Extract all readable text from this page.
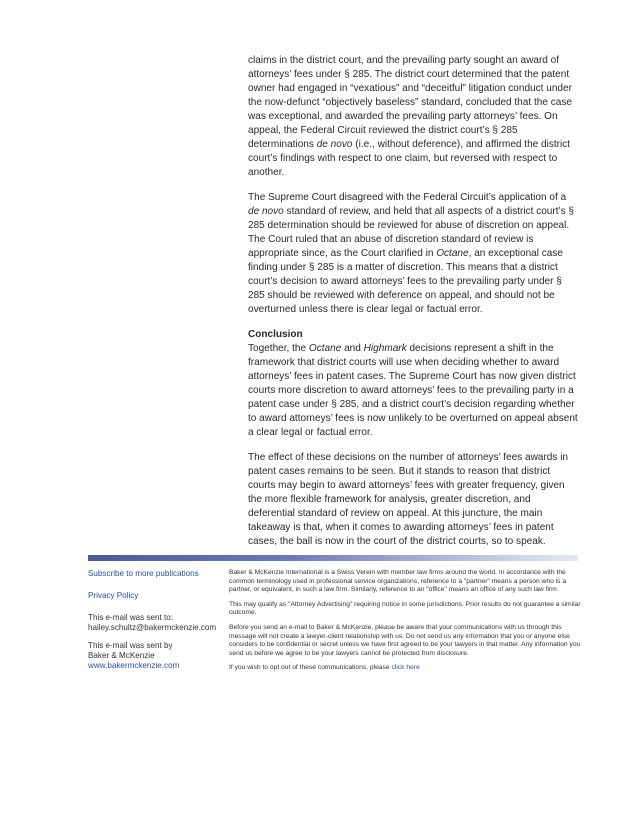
claims in the district court, and the prevailing party sought an award of attorneys’ fees under § 285. The district court determined that the patent owner had engaged in “vexatious” and “deceitful” litigation conduct under the now-defunct “objectively baseless” standard, concluded that the case was exceptional, and awarded the prevailing party attorneys’ fees. On appeal, the Federal Circuit reviewed the district court’s § 285 determinations de novo (i.e., without deference), and affirmed the district court’s findings with respect to one claim, but reversed with respect to another.

The Supreme Court disagreed with the Federal Circuit’s application of a de novo standard of review, and held that all aspects of a district court’s § 285 determination should be reviewed for abuse of discretion on appeal. The Court ruled that an abuse of discretion standard of review is appropriate since, as the Court clarified in Octane, an exceptional case finding under § 285 is a matter of discretion. This means that a district court’s decision to award attorneys’ fees to the prevailing party under § 285 should be reviewed with deference on appeal, and should not be overturned unless there is clear legal or factual error.

Conclusion
Together, the Octane and Highmark decisions represent a shift in the framework that district courts will use when deciding whether to award attorneys’ fees in patent cases. The Supreme Court has now given district courts more discretion to award attorneys’ fees to the prevailing party in a patent case under § 285, and a district court’s decision regarding whether to award attorneys’ fees is now unlikely to be overturned on appeal absent a clear legal or factual error.

The effect of these decisions on the number of attorneys’ fees awards in patent cases remains to be seen. But it stands to reason that district courts may begin to award attorneys’ fees with greater frequency, given the more flexible framework for analysis, greater discretion, and deferential standard of review on appeal. At this juncture, the main takeaway is that, when it comes to awarding attorneys’ fees in patent cases, the ball is now in the court of the district courts, so to speak.

Subscribe to more publications
Privacy Policy
This e-mail was sent to:
hailey.schultz@bakermckenzie.com
This e-mail was sent by
Baker & McKenzie
www.bakermckenzie.com

Baker & McKenzie International is a Swiss Verein with member law firms around the world. In accordance with the common terminology used in professional service organizations, reference to a "partner" means a person who is a partner, or equivalent, in such a law firm. Similarly, reference to an "office" means an office of any such law firm.

This may qualify as "Attorney Advertising" requiring notice in some jurisdictions. Prior results do not guarantee a similar outcome.

Before you send an e-mail to Baker & McKenzie, please be aware that your communications with us through this message will not create a lawyer-client relationship with us. Do not send us any information that you or anyone else considers to be confidential or secret unless we have first agreed to be your lawyers in that matter. Any information you send us before we agree to be your lawyers cannot be protected from disclosure.

If you wish to opt out of these communications, please click here
